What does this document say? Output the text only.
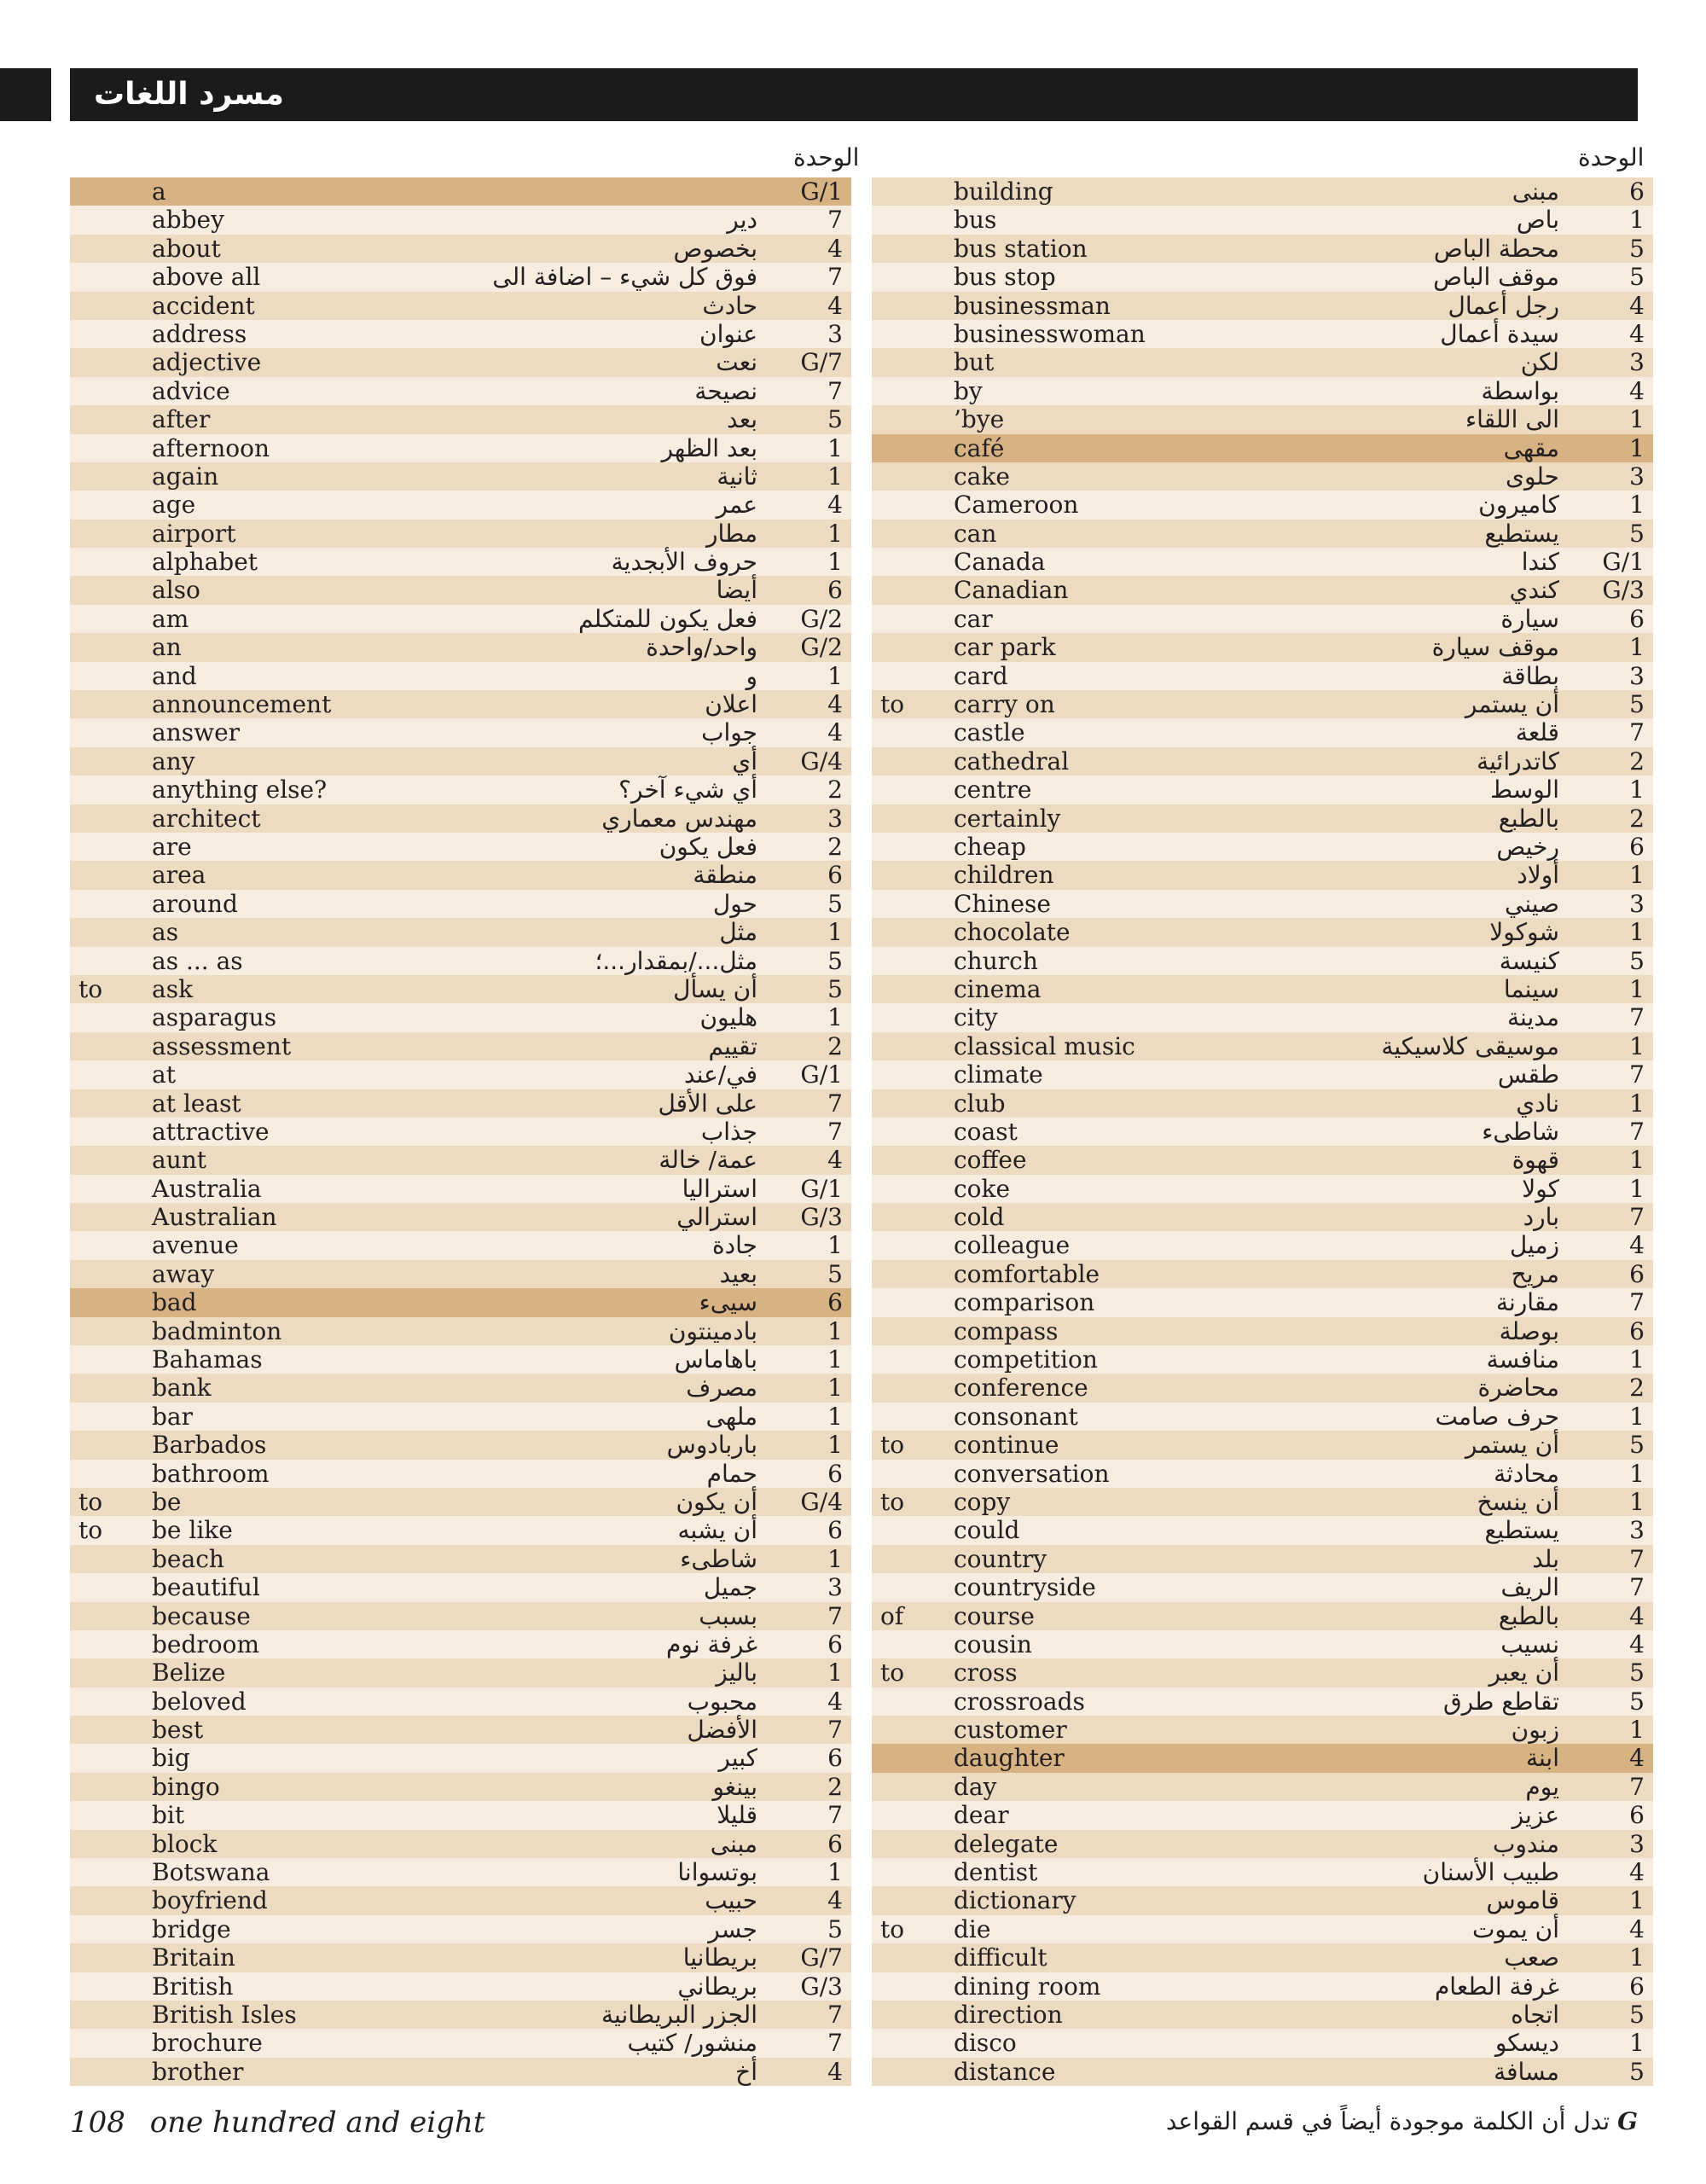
مسرد اللغات
الوحدة	الوحدة
a	G/1
abbey	دير	7
about	بخصوص	4
above all	فوق كل شيء – اضافة الى	7
accident	حادث	4
address	عنوان	3
adjective	نعت G/7
advice	نصيحة	7
after	بعد	5
afternoon	بعد الظهر	1
again	ثانية	1
age	عمر	4
airport	مطار	1
alphabet	حروف الأبجدية	1
also	أيضا	6
am	فعل يكون للمتكلم G/2
an	واحد/واحدة G/2
and	و	1
announcement	اعلان	4
answer	جواب	4
any	أي G/4
anything else?	أي شيء آخر؟	2
architect	مهندس معماري	3
are	فعل يكون	2
area	منطقة	6
around	حول	5
as	مثل	1
as ... as	مثل.../بمقدار...؛	5
to ask	أن يسأل	5
asparagus	هليون	1
assessment	تقييم	2
at	في/عند G/1
at least	على الأقل	7
attractive	جذاب	7
aunt	عمة/ خالة	4
Australia	استراليا G/1
Australian	استرالي G/3
avenue	جادة	1
away	بعيد	5
bad	سيىء	6
badminton	بادمينتون	1
Bahamas	باهاماس	1
bank	مصرف	1
bar	ملهى	1
Barbados	باربادوس	1
bathroom	حمام	6
to be	أن يكون G/4
to be like	أن يشبه	6
beach	شاطىء	1
beautiful	جميل	3
because	بسبب	7
bedroom	غرفة نوم	6
Belize	باليز	1
beloved	محبوب	4
best	الأفضل	7
big	كبير	6
bingo	بينغو	2
bit	قليلا	7
block	مبنى	6
Botswana	بوتسوانا	1
boyfriend	حبيب	4
bridge	جسر	5
Britain	بريطانيا G/7
British	بريطاني G/3
British Isles	الجزر البريطانية	7
brochure	منشور/ كتيب	7
brother	أخ	4
building	مبنى	6
bus	باص	1
bus station	محطة الباص	5
bus stop	موقف الباص	5
businessman	رجل أعمال	4
businesswoman	سيدة أعمال	4
but	لكن	3
by	بواسطة	4
’bye	الى اللقاء	1
café	مقهى	1
cake	حلوى	3
Cameroon	كاميرون	1
can	يستطيع	5
Canada	كندا G/1
Canadian	كندي G/3
car	سيارة	6
car park	موقف سيارة	1
card	بطاقة	3
to carry on	أن يستمر	5
castle	قلعة	7
cathedral	كاتدرائية	2
centre	الوسط	1
certainly	بالطبع	2
cheap	رخيص	6
children	أولاد	1
Chinese	صيني	3
chocolate	شوكولا	1
church	كنيسة	5
cinema	سينما	1
city	مدينة	7
classical music	موسيقى كلاسيكية	1
climate	طقس	7
club	نادي	1
coast	شاطىء	7
coffee	قهوة	1
coke	كولا	1
cold	بارد	7
colleague	زميل	4
comfortable	مريح	6
comparison	مقارنة	7
compass	بوصلة	6
competition	منافسة	1
conference	محاضرة	2
consonant	حرف صامت	1
to continue	أن يستمر	5
conversation	محادثة	1
to copy	أن ينسخ	1
could	يستطيع	3
country	بلد	7
countryside	الريف	7
of course	بالطبع	4
cousin	نسيب	4
to cross	أن يعبر	5
crossroads	تقاطع طرق	5
customer	زبون	1
daughter	ابنة	4
day	يوم	7
dear	عزيز	6
delegate	مندوب	3
dentist	طبيب الأسنان	4
dictionary	قاموس	1
to die	أن يموت	4
difficult	صعب	1
dining room	غرفة الطعام	6
direction	اتجاه	5
disco	ديسكو	1
distance	مسافة	5
108 one hundred and eight	G تدل أن الكلمة موجودة أيضاً في قسم القواعد
